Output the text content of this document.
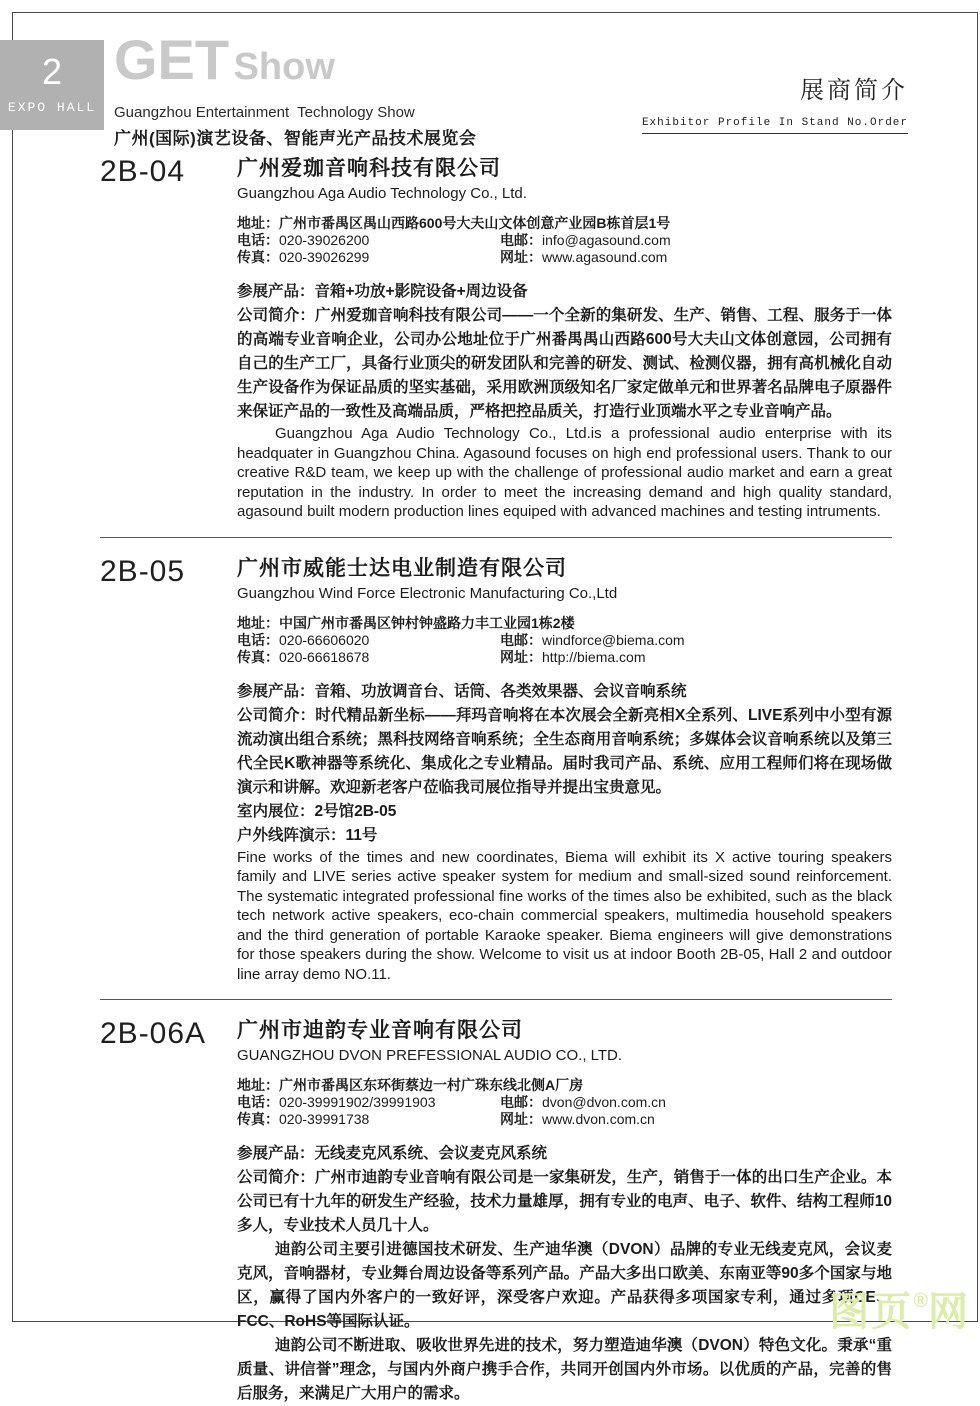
2
EXPO HALL
GET Show
Guangzhou Entertainment  Technology Show
广州(国际)演艺设备、智能声光产品技术展览会
展商简介
Exhibitor Profile In Stand No.Order
2B-04	广州爱珈音响科技有限公司
Guangzhou Aga Audio Technology Co., Ltd.
地址： 广州市番禺区禺山西路600号大夫山文体创意产业园B栋首层1号
电话： 020-39026200	电邮： info@agasound.com
传真： 020-39026299	网址： www.agasound.com
参展产品：音箱+功放+影院设备+周边设备
公司简介：广州爱珈音响科技有限公司——一个全新的集研发、生产、销售、工程、服务于一体的高端专业音响企业，公司办公地址位于广州番禺禺山西路600号大夫山文体创意园，公司拥有自己的生产工厂，具备行业顶尖的研发团队和完善的研发、测试、检测仪器，拥有高机械化自动生产设备作为保证品质的坚实基础，采用欧洲顶级知名厂家定做单元和世界著名品牌电子原器件来保证产品的一致性及高端品质，严格把控品质关，打造行业顶端水平之专业音响产品。
Guangzhou Aga Audio Technology Co., Ltd.is a professional audio enterprise with its headquater in Guangzhou China. Agasound focuses on high end professional users. Thank to our creative R&D team, we keep up with the challenge of professional audio market and earn a great reputation in the industry. In order to meet the increasing demand and high quality standard, agasound built modern production lines equiped with advanced machines and testing intruments.
2B-05	广州市威能士达电业制造有限公司
Guangzhou Wind Force Electronic Manufacturing Co.,Ltd
地址： 中国广州市番禺区钟村钟盛路力丰工业园1栋2楼
电话： 020-66606020	电邮： windforce@biema.com
传真： 020-66618678	网址： http://biema.com
参展产品：音箱、功放调音台、话筒、各类效果器、会议音响系统
公司简介：时代精品新坐标——拜玛音响将在本次展会全新亮相X全系列、LIVE系列中小型有源流动演出组合系统；黑科技网络音响系统；全生态商用音响系统；多媒体会议音响系统以及第三代全民K歌神器等系统化、集成化之专业精品。届时我司产品、系统、应用工程师们将在现场做演示和讲解。欢迎新老客户莅临我司展位指导并提出宝贵意见。
室内展位：2号馆2B-05
户外线阵演示：11号
Fine works of the times and new coordinates, Biema will exhibit its X active touring speakers family and LIVE series active speaker system for medium and small-sized sound reinforcement. The systematic integrated professional fine works of the times also be exhibited, such as the black tech network active speakers, eco-chain commercial speakers, multimedia household speakers and the third generation of portable Karaoke speaker. Biema engineers will give demonstrations for those speakers during the show. Welcome to visit us at indoor Booth 2B-05, Hall 2 and outdoor line array demo NO.11.
2B-06A	广州市迪韵专业音响有限公司
GUANGZHOU DVON PREFESSIONAL AUDIO CO., LTD.
地址： 广州市番禺区东环街蔡边一村广珠东线北侧A厂房
电话： 020-39991902/39991903	电邮： dvon@dvon.com.cn
传真： 020-39991738	网址： www.dvon.com.cn
参展产品：无线麦克风系统、会议麦克风系统
公司简介：广州市迪韵专业音响有限公司是一家集研发，生产，销售于一体的出口生产企业。本公司已有十九年的研发生产经验，技术力量雄厚，拥有专业的电声、电子、软件、结构工程师10多人，专业技术人员几十人。
迪韵公司主要引进德国技术研发、生产迪华澳（DVON）品牌的专业无线麦克风，会议麦克风，音响器材，专业舞台周边设备等系列产品。产品大多出口欧美、东南亚等90多个国家与地区，赢得了国内外客户的一致好评，深受客户欢迎。产品获得多项国家专利，通过多项CE、FCC、RoHS等国际认证。
迪韵公司不断进取、吸收世界先进的技术，努力塑造迪华澳（DVON）特色文化。秉承“重质量、讲信誉”理念，与国内外商户携手合作，共同开创国内外市场。以优质的产品，完善的售后服务，来满足广大用户的需求。
图页®网
